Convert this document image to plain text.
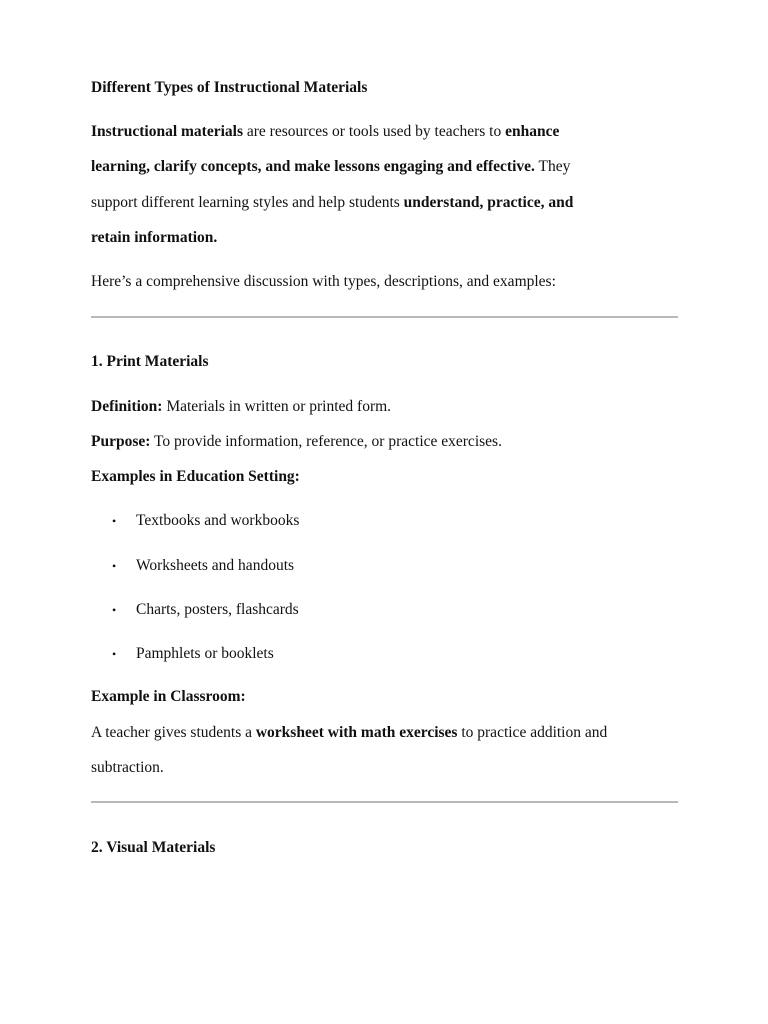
Different Types of Instructional Materials
Instructional materials are resources or tools used by teachers to enhance
learning, clarify concepts, and make lessons engaging and effective. They
support different learning styles and help students understand, practice, and
retain information.
Here’s a comprehensive discussion with types, descriptions, and examples:
1. Print Materials
Definition: Materials in written or printed form.
Purpose: To provide information, reference, or practice exercises.
Examples in Education Setting:
• Textbooks and workbooks
• Worksheets and handouts
• Charts, posters, flashcards
• Pamphlets or booklets
Example in Classroom:
A teacher gives students a worksheet with math exercises to practice addition and
subtraction.
2. Visual Materials
